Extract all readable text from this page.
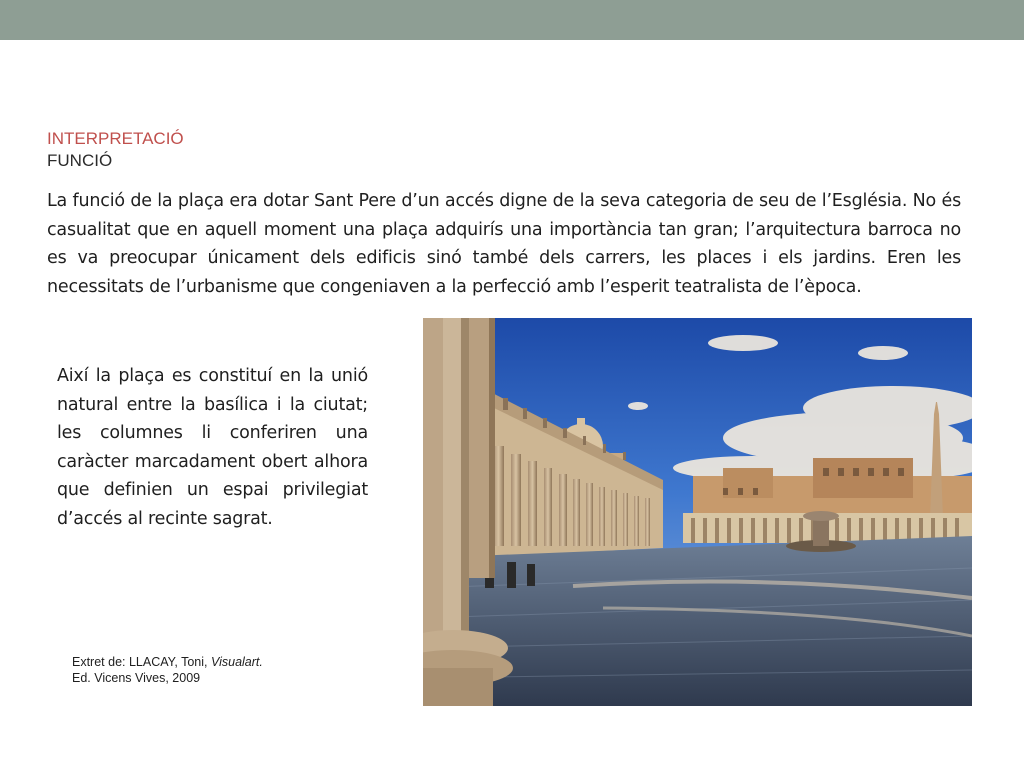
INTERPRETACIÓ
FUNCIÓ

La funció de la plaça era dotar Sant Pere d’un accés digne de la seva categoria de seu de l’Església. No és casualitat que en aquell moment una plaça adquirís una importància tan gran; l’arquitectura barroca no es va preocupar únicament dels edificis sinó també dels carrers, les places i els jardins. Eren les necessitats de l’urbanisme que congeniaven a la perfecció amb l’esperit teatralista de l’època.

Així la plaça es constituí en la unió natural entre la basílica i la ciutat; les columnes li conferiren una caràcter marcadament obert alhora que definien un espai privilegiat d’accés al recinte sagrat.

Extret de: LLACAY, Toni, Visualart.
Ed. Vicens Vives, 2009
